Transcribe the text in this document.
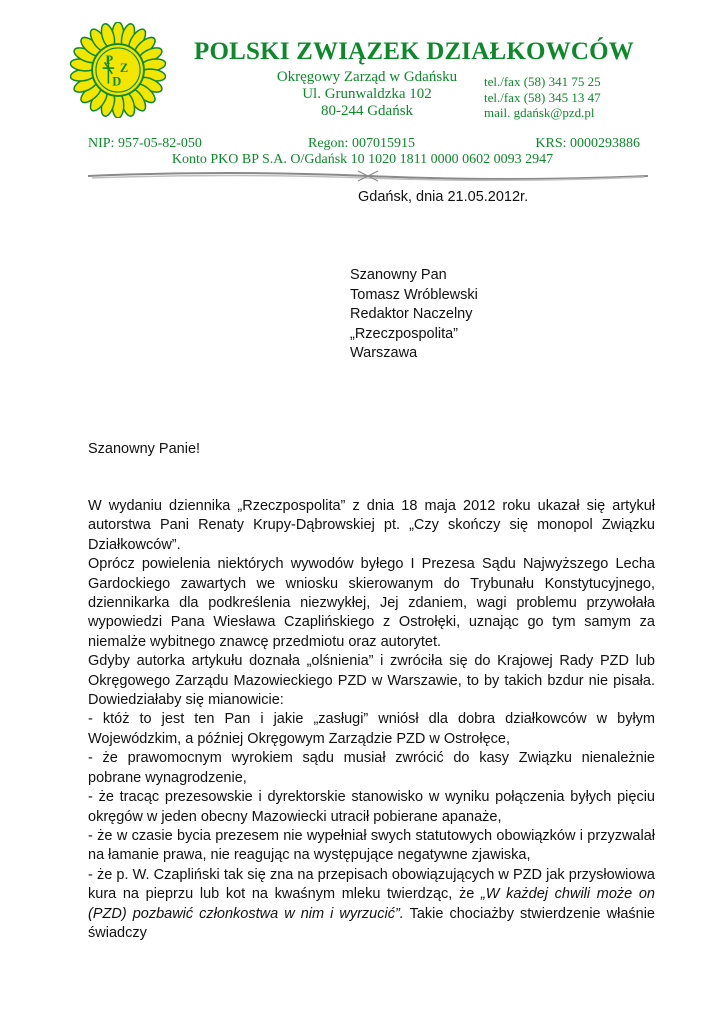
P
Z
D
POLSKI ZWIĄZEK DZIAŁKOWCÓW
Okręgowy Zarząd w Gdańsku
Ul. Grunwaldzka 102
80-244 Gdańsk
tel./fax (58) 341 75 25
tel./fax (58) 345 13 47
mail. gdańsk@pzd.pl
NIP: 957-05-82-050	Regon: 007015915	KRS: 0000293886
Konto PKO BP S.A. O/Gdańsk 10 1020 1811 0000 0602 0093 2947
Gdańsk, dnia 21.05.2012r.
Szanowny Pan
Tomasz Wróblewski
Redaktor Naczelny
„Rzeczpospolita”
Warszawa
Szanowny Panie!

W wydaniu dziennika „Rzeczpospolita” z dnia 18 maja 2012 roku ukazał się artykuł autorstwa Pani Renaty Krupy-Dąbrowskiej pt. „Czy skończy się monopol Związku Działkowców”.

Oprócz powielenia niektórych wywodów byłego I Prezesa Sądu Najwyższego Lecha Gardockiego zawartych we wniosku skierowanym do Trybunału Konstytucyjnego, dziennikarka dla podkreślenia niezwykłej, Jej zdaniem, wagi problemu przywołała wypowiedzi Pana Wiesława Czaplińskiego z Ostrołęki, uznając go tym samym za niemalże wybitnego znawcę przedmiotu oraz autorytet.

Gdyby autorka artykułu doznała „olśnienia” i zwróciła się do Krajowej Rady PZD lub Okręgowego Zarządu Mazowieckiego PZD w Warszawie, to by takich bzdur nie pisała. Dowiedziałaby się mianowicie:

- któż to jest ten Pan i jakie „zasługi” wniósł dla dobra działkowców w byłym Wojewódzkim, a później Okręgowym Zarządzie PZD w Ostrołęce,

- że prawomocnym wyrokiem sądu musiał zwrócić do kasy Związku nienależnie pobrane wynagrodzenie,

- że tracąc prezesowskie i dyrektorskie stanowisko w wyniku połączenia byłych pięciu okręgów w jeden obecny Mazowiecki utracił pobierane apanaże,

- że w czasie bycia prezesem nie wypełniał swych statutowych obowiązków i przyzwalał na łamanie prawa, nie reagując na występujące negatywne zjawiska,

- że p. W. Czapliński tak się zna na przepisach obowiązujących w PZD jak przysłowiowa kura na pieprzu lub kot na kwaśnym mleku twierdząc, że „W każdej chwili może on (PZD) pozbawić członkostwa w nim i wyrzucić”. Takie chociażby stwierdzenie właśnie świadczy
